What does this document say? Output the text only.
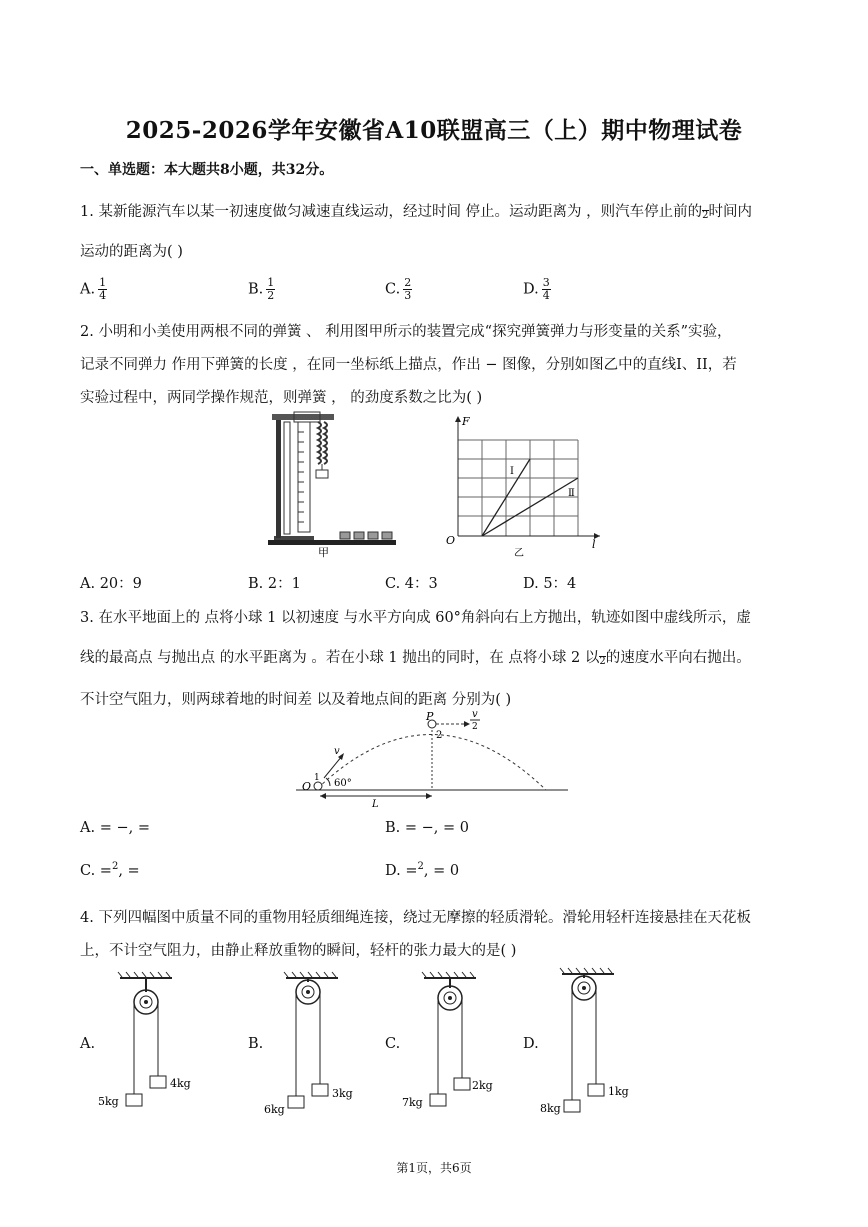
2025-2026学年安徽省A10联盟高三（上）期中物理试卷
一、单选题：本大题共8小题，共32分。
1. 某新能源汽车以某一初速度做匀减速直线运动，经过时间 停止。运动距离为 ，则汽车停止前的

2时间内
运动的距离为( )
A. $\frac{1}{4}$	B. $\frac{1}{2}$	C. $\frac{2}{3}$	D. $\frac{3}{4}$
2. 小明和小美使用两根不同的弹簧 、 利用图甲所示的装置完成“探究弹簧弹力与形变量的关系”实验，
记录不同弹力 作用下弹簧的长度 ，在同一坐标纸上描点，作出 − 图像，分别如图乙中的直线I、II，若
实验过程中，两同学操作规范，则弹簧 ， 的劲度系数之比为( )
甲
F
O	l
I
Ⅱ
乙
A. 20：9	B. 2：1	C. 4：3	D. 5：4
3. 在水平地面上的 点将小球 1 以初速度 与水平方向成 60°角斜向右上方抛出，轨迹如图中虚线所示，虚
线的最高点 与抛出点 的水平距离为 。若在小球 1 抛出的同时，在 点将小球 2 以

2的速度水平向右抛出。
不计空气阻力，则两球着地的时间差 以及着地点间的距离 分别为( )
P	v
2
2
v
O
1 60°
L
A. = −, =	B. = −, = 0
C. =2, =	D. =2, = 0
4. 下列四幅图中质量不同的重物用轻质细绳连接，绕过无摩擦的轻质滑轮。滑轮用轻杆连接悬挂在天花板
上，不计空气阻力，由静止释放重物的瞬间，轻杆的张力最大的是( )
A.	B.	C.	D.
5kg
4kg
6kg
3kg
7kg
2kg
8kg
1kg
第1页，共6页
